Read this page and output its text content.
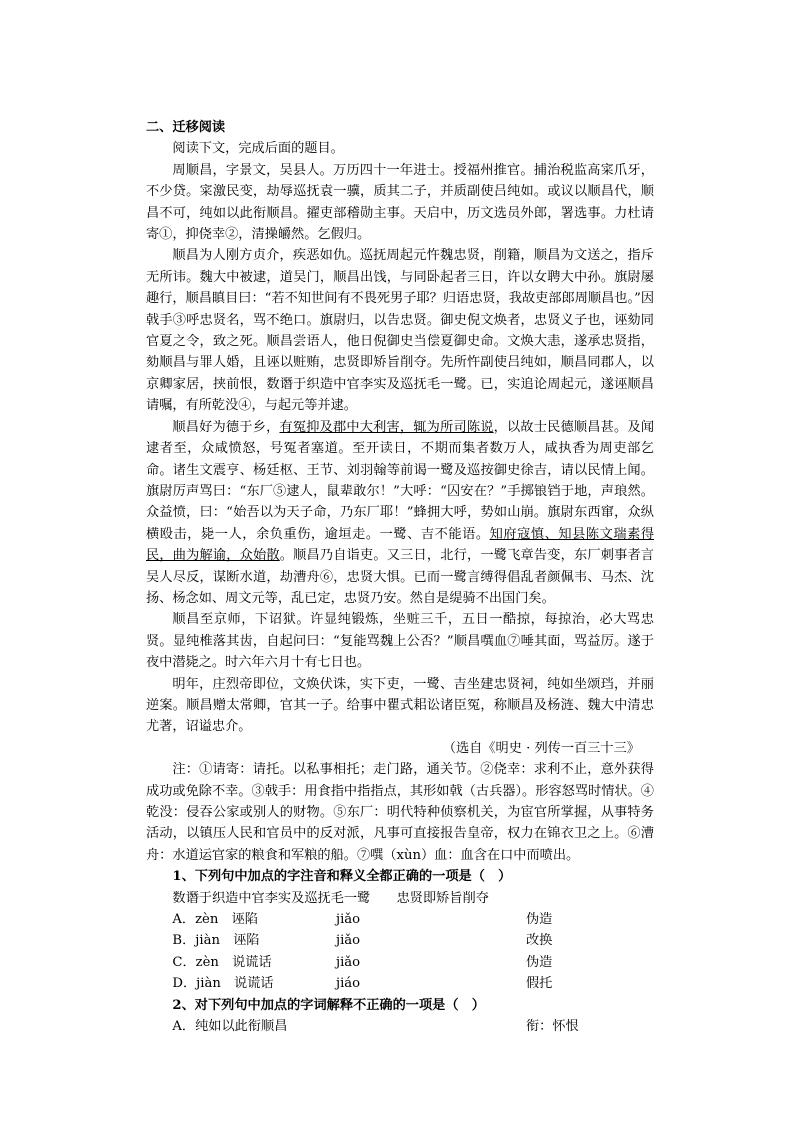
二、迁移阅读

阅读下文，完成后面的题目。

周顺昌，字景文，吴县人。万历四十一年进士。授福州推官。捕治税监高寀爪牙，不少贷。寀激民变，劫辱巡抚袁一骥，质其二子，并质副使吕纯如。或议以顺昌代，顺昌不可，纯如以此衔顺昌。擢吏部稽勋主事。天启中，历文选员外郎，署选事。力杜请寄①，抑侥幸②，清操皭然。乞假归。

顺昌为人刚方贞介，疾恶如仇。巡抚周起元忤魏忠贤，削籍，顺昌为文送之，指斥无所讳。魏大中被逮，道吴门，顺昌出饯，与同卧起者三日，许以女聘大中孙。旗尉屡趣行，顺昌瞋目曰：“若不知世间有不畏死男子耶？归语忠贤，我故吏部郎周顺昌也。”因戟手③呼忠贤名，骂不绝口。旗尉归，以告忠贤。御史倪文焕者，忠贤义子也，诬劾同官夏之令，致之死。顺昌尝语人，他日倪御史当偿夏御史命。文焕大恚，遂承忠贤指，劾顺昌与罪人婚，且诬以赃贿，忠贤即矫旨削夺。先所忤副使吕纯如，顺昌同郡人，以京卿家居，挟前恨，数谮于织造中官李实及巡抚毛一鹭。已，实追论周起元，遂诬顺昌请嘱，有所乾没④，与起元等并逮。

顺昌好为德于乡，有冤抑及郡中大利害，辄为所司陈说，以故士民德顺昌甚。及闻逮者至，众咸愤怒，号冤者塞道。至开读日，不期而集者数万人，咸执香为周吏部乞命。诸生文震亨、杨廷枢、王节、刘羽翰等前谒一鹭及巡按御史徐吉，请以民情上闻。旗尉厉声骂曰：“东厂⑤逮人，鼠辈敢尔！”大呼：“囚安在？”手掷锒铛于地，声琅然。众益愤，曰：“始吾以为天子命，乃东厂耶！”蜂拥大呼，势如山崩。旗尉东西窜，众纵横殴击，毙一人，余负重伤，逾垣走。一鹭、吉不能语。知府寇慎、知县陈文瑞素得民，曲为解谕，众始散。顺昌乃自诣吏。又三日，北行，一鹭飞章告变，东厂刺事者言吴人尽反，谋断水道，劫漕舟⑥，忠贤大惧。已而一鹭言缚得倡乱者颜佩韦、马杰、沈扬、杨念如、周文元等，乱已定，忠贤乃安。然自是缇骑不出国门矣。

顺昌至京师，下诏狱。许显纯锻炼，坐赃三千，五日一酷掠，每掠治，必大骂忠贤。显纯椎落其齿，自起问曰：“复能骂魏上公否？”顺昌噀血⑦唾其面，骂益厉。遂于夜中潜毙之。时六年六月十有七日也。

明年，庄烈帝即位，文焕伏诛，实下吏，一鹭、吉坐建忠贤祠，纯如坐颂珰，并丽逆案。顺昌赠太常卿，官其一子。给事中瞿式耜讼诸臣冤，称顺昌及杨涟、魏大中清忠尤著，诏谥忠介。

（选自《明史 · 列传一百三十三》

注：①请寄：请托。以私事相托；走门路，通关节。②侥幸：求利不止，意外获得成功或免除不幸。③戟手：用食指中指指点，其形如戟（古兵器）。形容怒骂时情状。④乾没：侵吞公家或别人的财物。⑤东厂：明代特种侦察机关，为宦官所掌握，从事特务活动，以镇压人民和官员中的反对派，凡事可直接报告皇帝，权力在锦衣卫之上。⑥漕舟：水道运官家的粮食和军粮的船。⑦噀（xùn）血：血含在口中而喷出。

1、下列句中加点的字注音和释义全都正确的一项是（　）

数谮于织造中官李实及巡抚毛一鹭　　 忠贤即矫旨削夺

A．zèn　诬陷	jiǎo	伪造
B．jiàn　诬陷	jiǎo	改换
C．zèn　说谎话	jiǎo	伪造
D．jiàn　说谎话	jiáo	假托

2、对下列句中加点的字词解释不正确的一项是（　）

A．纯如以此衔顺昌	衔：怀恨
